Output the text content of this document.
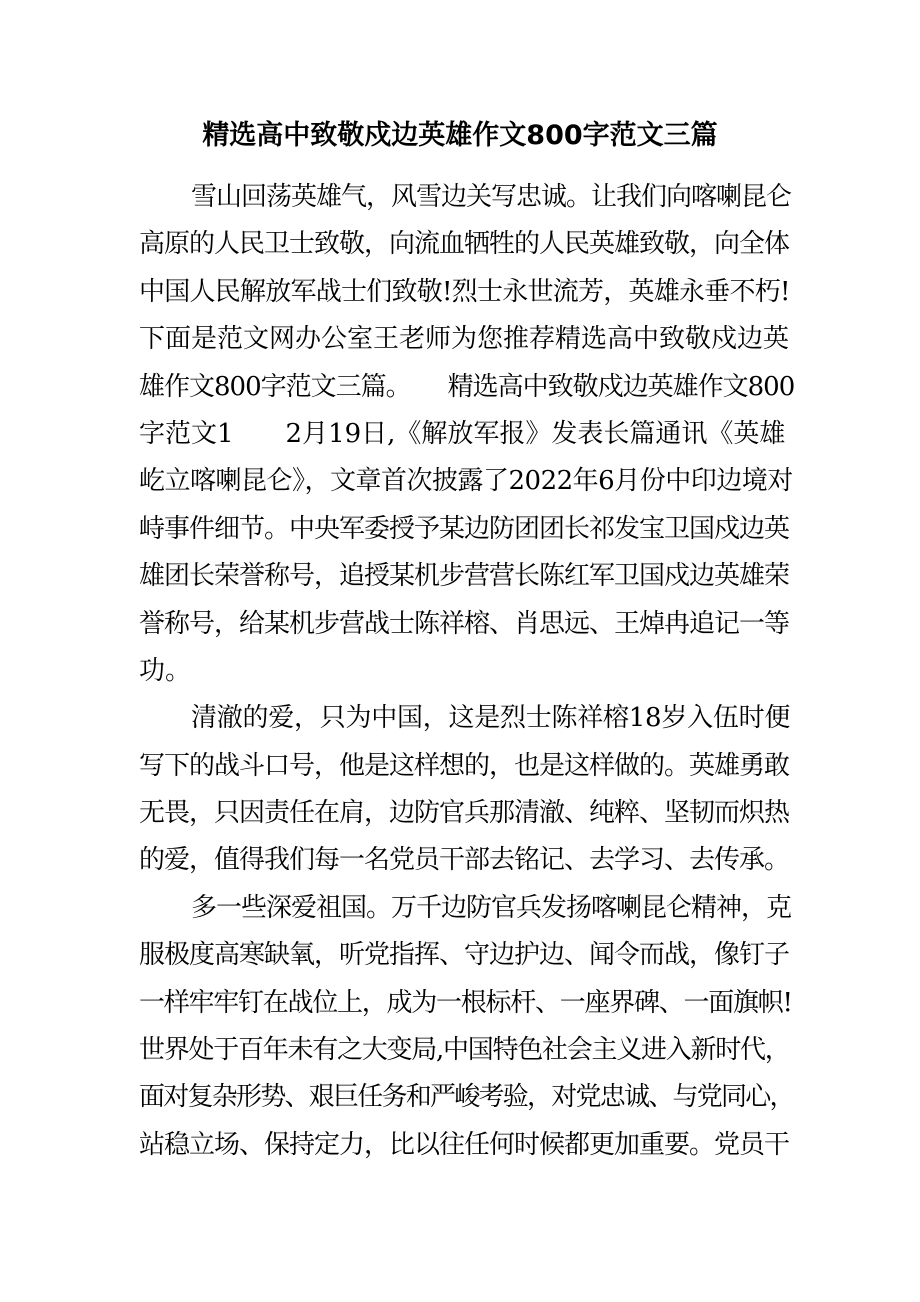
精选高中致敬戍边英雄作文800字范文三篇
雪山回荡英雄气，风雪边关写忠诚。让我们向喀喇昆仑
高原的人民卫士致敬，向流血牺牲的人民英雄致敬，向全体
中国人民解放军战士们致敬!烈士永世流芳，英雄永垂不朽!
下面是范文网办公室王老师为您推荐精选高中致敬戍边英
雄作文800字范文三篇。　　精选高中致敬戍边英雄作文800
字范文1　　2月19日,《解放军报》发表长篇通讯《英雄
屹立喀喇昆仑》，文章首次披露了2022年6月份中印边境对
峙事件细节。中央军委授予某边防团团长祁发宝卫国戍边英
雄团长荣誉称号，追授某机步营营长陈红军卫国戍边英雄荣
誉称号，给某机步营战士陈祥榕、肖思远、王焯冉追记一等
功。
清澈的爱，只为中国，这是烈士陈祥榕18岁入伍时便
写下的战斗口号，他是这样想的，也是这样做的。英雄勇敢
无畏，只因责任在肩，边防官兵那清澈、纯粹、坚韧而炽热
的爱，值得我们每一名党员干部去铭记、去学习、去传承。
多一些深爱祖国。万千边防官兵发扬喀喇昆仑精神，克
服极度高寒缺氧，听党指挥、守边护边、闻令而战，像钉子
一样牢牢钉在战位上，成为一根标杆、一座界碑、一面旗帜!
世界处于百年未有之大变局,中国特色社会主义进入新时代，
面对复杂形势、艰巨任务和严峻考验，对党忠诚、与党同心，
站稳立场、保持定力，比以往任何时候都更加重要。党员干
